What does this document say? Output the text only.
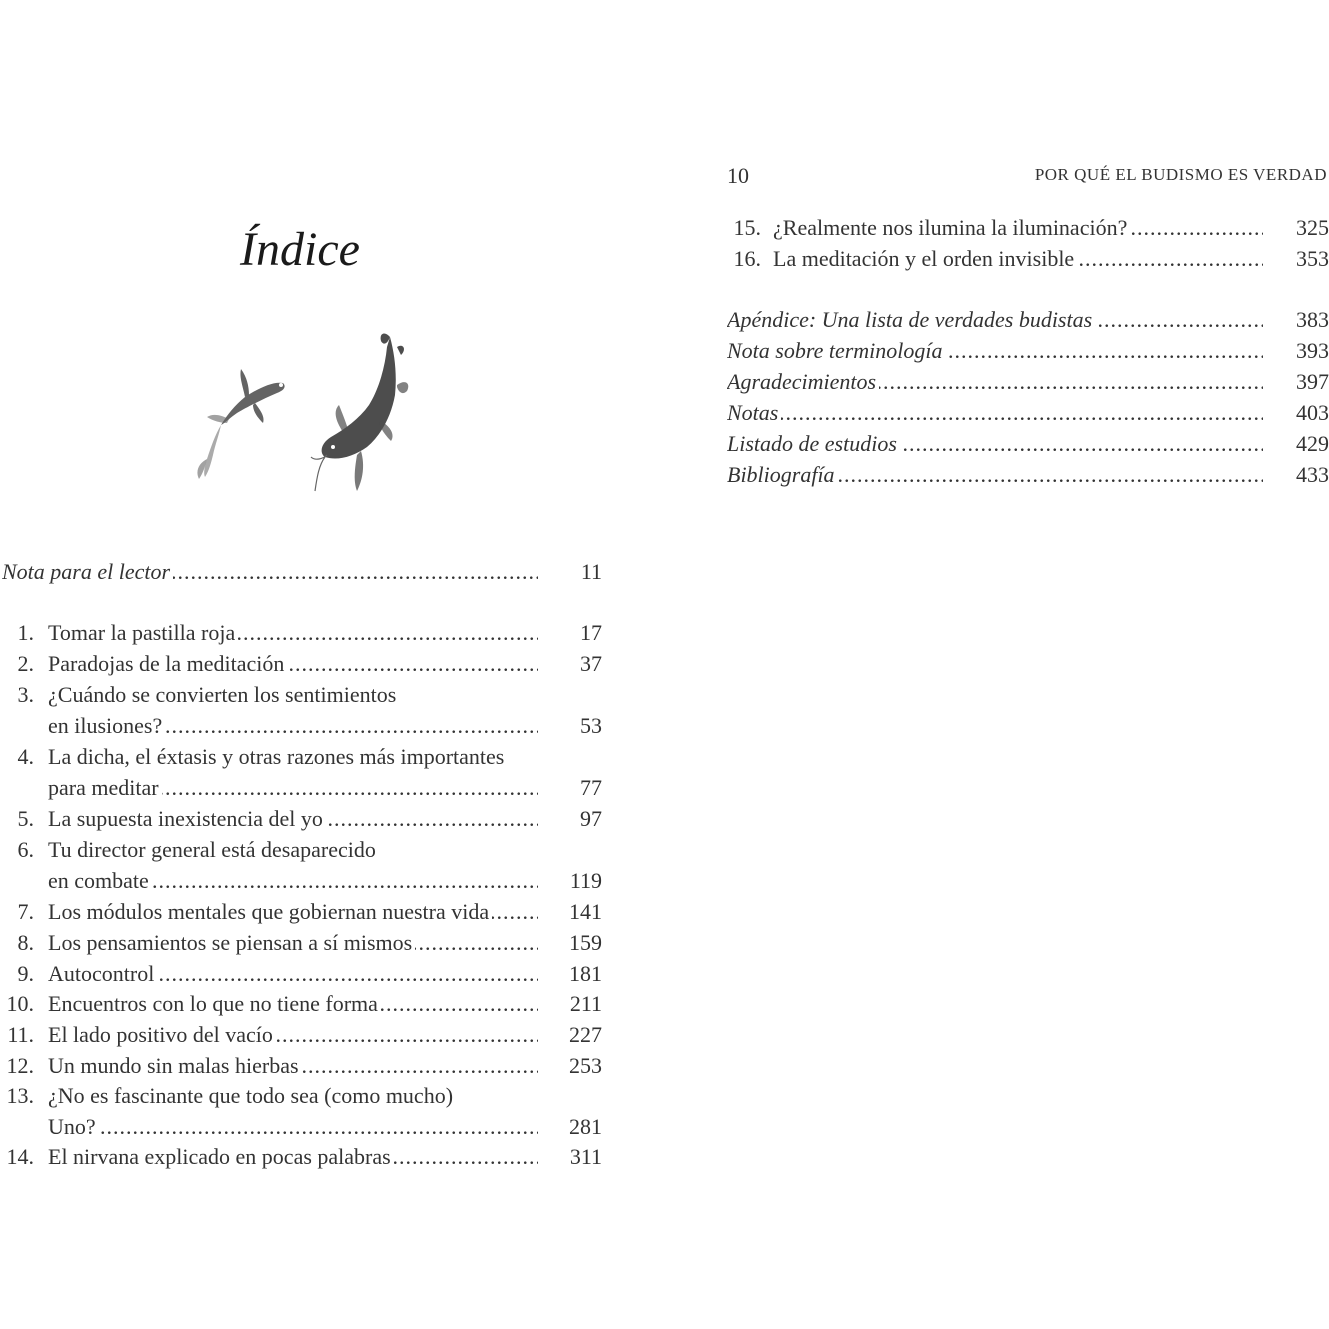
Índice
10	POR QUÉ EL BUDISMO ES VERDAD
15. ¿Realmente nos ilumina la iluminación? .....	325
16. La meditación y el orden invisible .....	353
Apéndice: Una lista de verdades budistas .....	383
Nota sobre terminología .....	393
Agradecimientos .....	397
Notas .....	403
Listado de estudios .....	429
Bibliografía .....	433
Nota para el lector .....	11
1. Tomar la pastilla roja .....	17
2. Paradojas de la meditación .....	37
3. ¿Cuándo se convierten los sentimientos
en ilusiones? .....	53
4. La dicha, el éxtasis y otras razones más importantes
para meditar .....	77
5. La supuesta inexistencia del yo .....	97
6. Tu director general está desaparecido
en combate .....	119
7. Los módulos mentales que gobiernan nuestra vida .....	141
8. Los pensamientos se piensan a sí mismos .....	159
9. Autocontrol .....	181
10. Encuentros con lo que no tiene forma .....	211
11. El lado positivo del vacío .....	227
12. Un mundo sin malas hierbas .....	253
13. ¿No es fascinante que todo sea (como mucho)
Uno? .....	281
14. El nirvana explicado en pocas palabras .....	311
